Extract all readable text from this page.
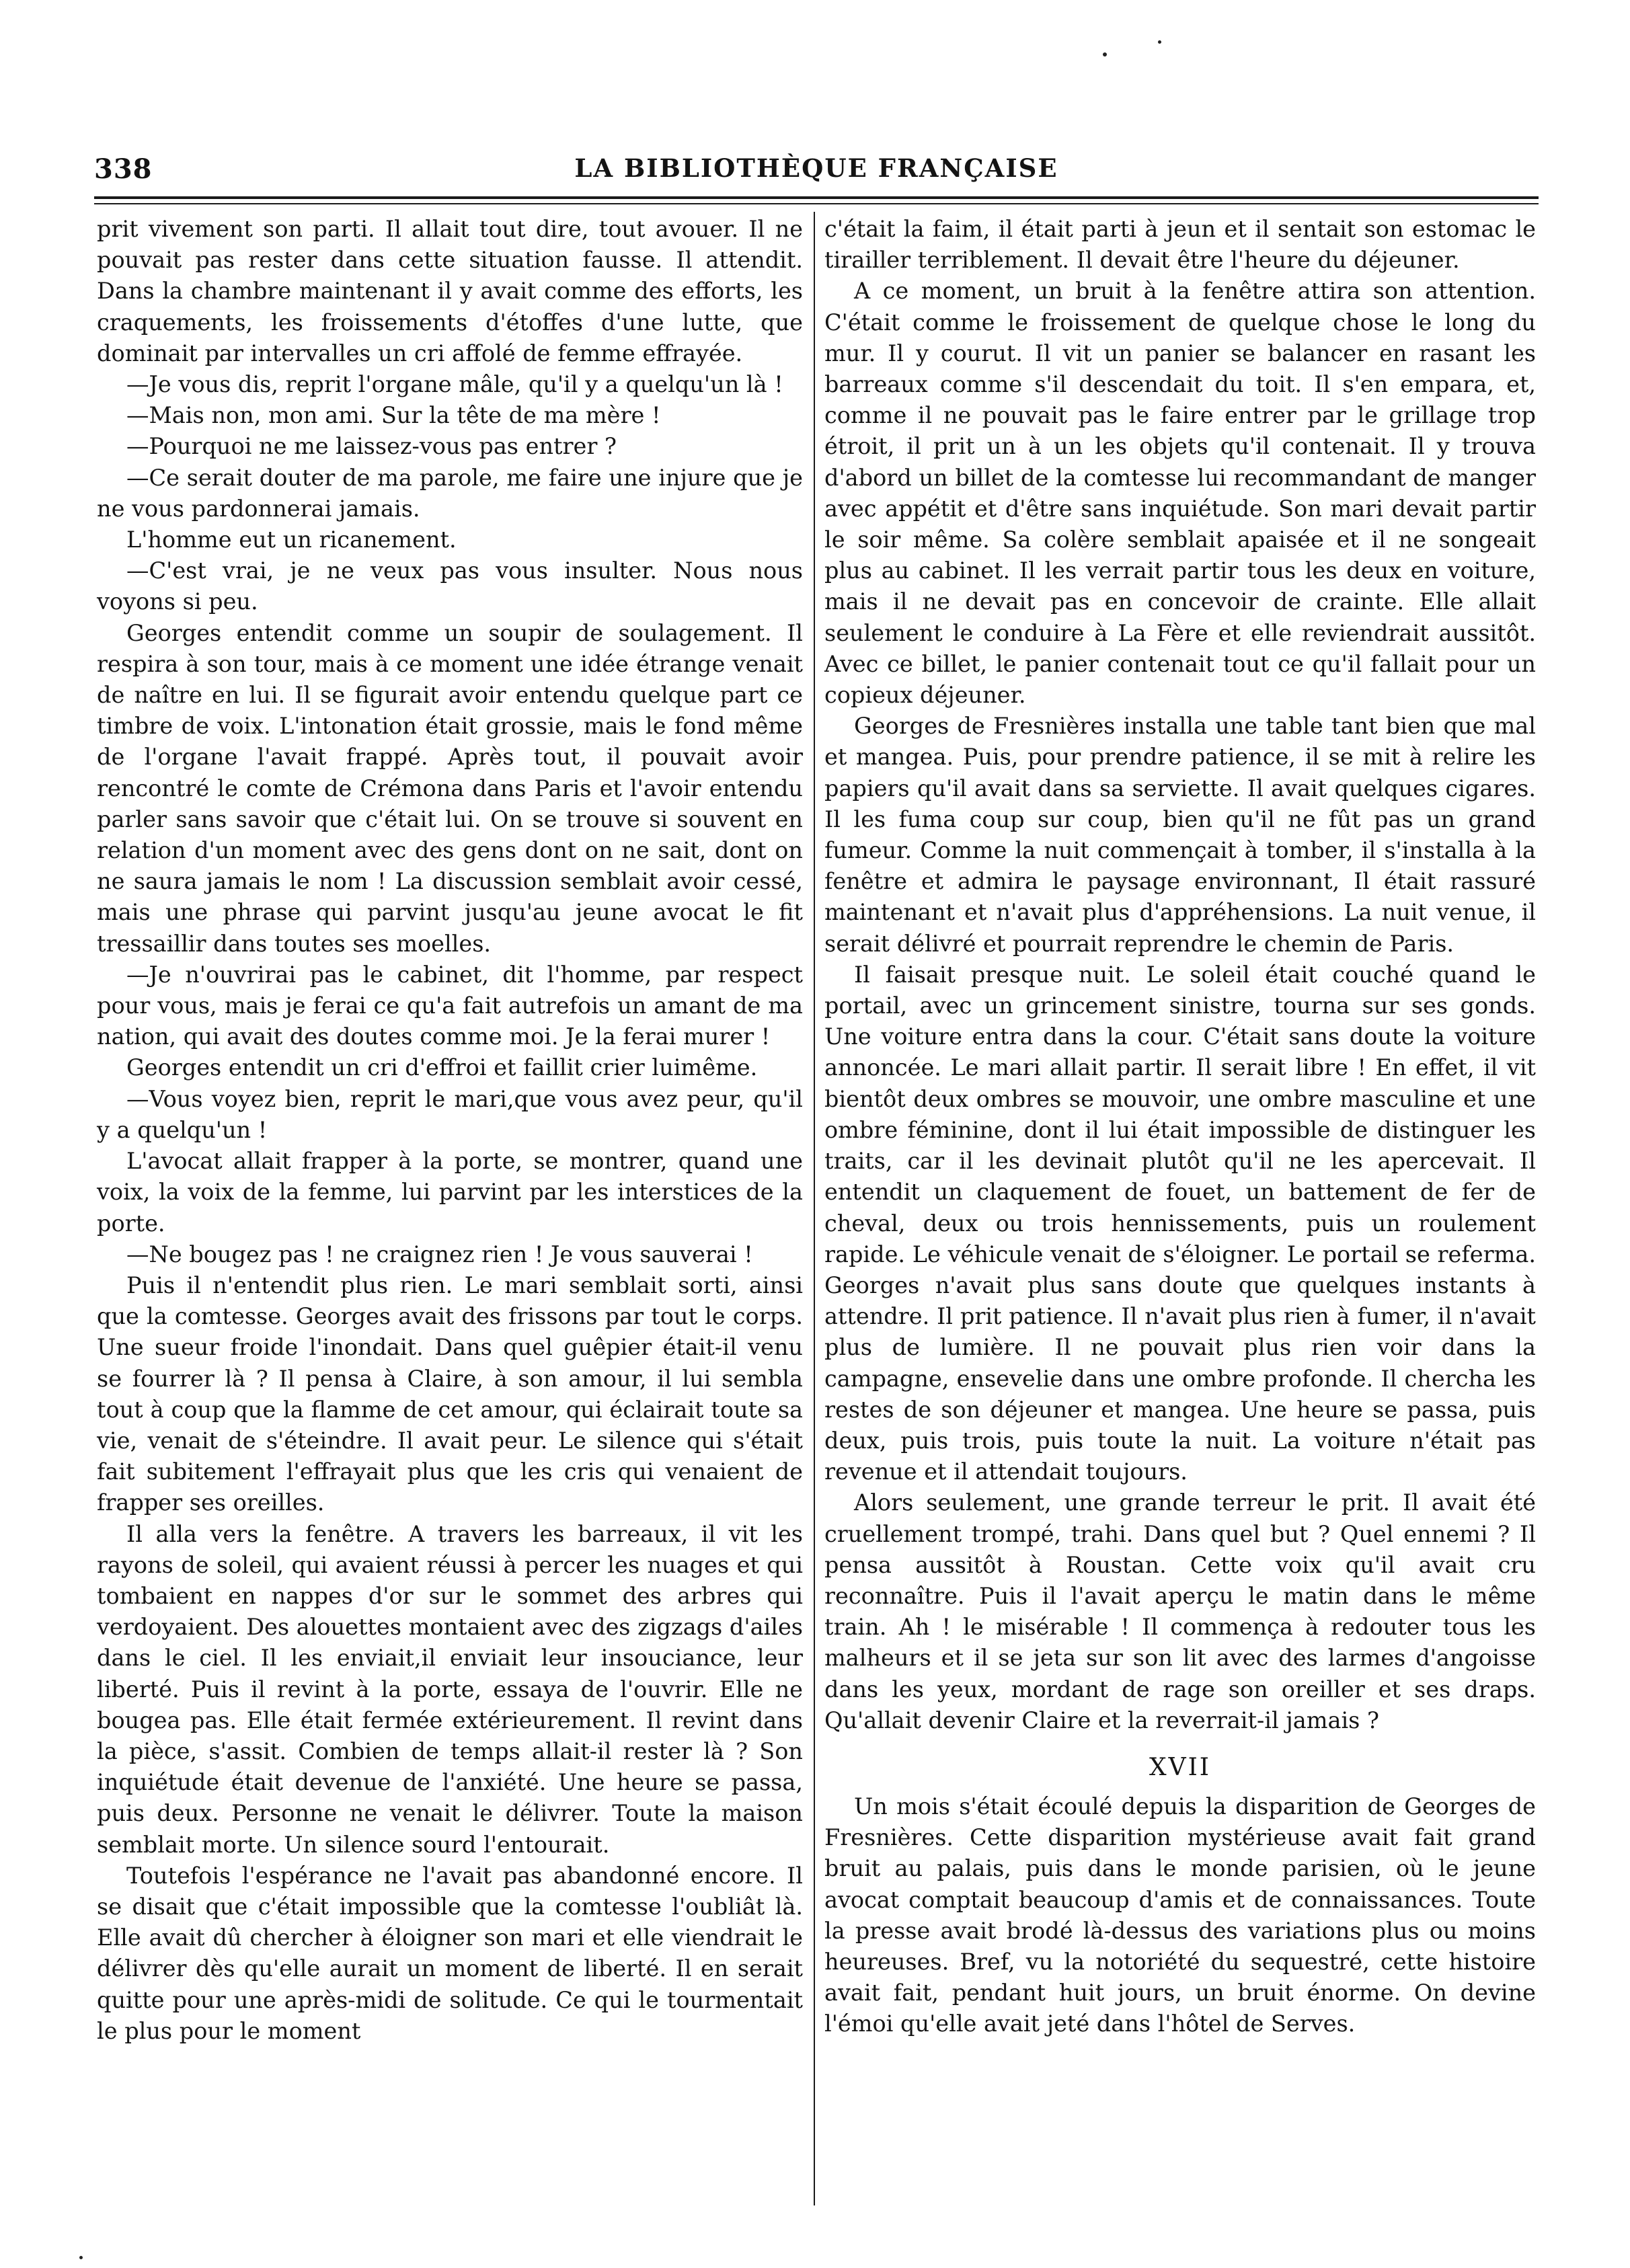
338	LA BIBLIOTHÈQUE FRANÇAISE

prit vivement son parti. Il allait tout dire, tout avouer. Il ne pouvait pas rester dans cette situation fausse. Il attendit. Dans la chambre maintenant il y avait comme des efforts, les craquements, les froissements d'étoffes d'une lutte, que dominait par intervalles un cri affolé de femme effrayée.

—Je vous dis, reprit l'organe mâle, qu'il y a quelqu'un là !

—Mais non, mon ami. Sur la tête de ma mère !

—Pourquoi ne me laissez-vous pas entrer ?

—Ce serait douter de ma parole, me faire une injure que je ne vous pardonnerai jamais.

L'homme eut un ricanement.

—C'est vrai, je ne veux pas vous insulter. Nous nous voyons si peu.

Georges entendit comme un soupir de soulagement. Il respira à son tour, mais à ce moment une idée étrange venait de naître en lui. Il se figurait avoir entendu quelque part ce timbre de voix. L'intonation était grossie, mais le fond même de l'organe l'avait frappé. Après tout, il pouvait avoir rencontré le comte de Crémona dans Paris et l'avoir entendu parler sans savoir que c'était lui. On se trouve si souvent en relation d'un moment avec des gens dont on ne sait, dont on ne saura jamais le nom ! La discussion semblait avoir cessé, mais une phrase qui parvint jusqu'au jeune avocat le fit tressaillir dans toutes ses moelles.

—Je n'ouvrirai pas le cabinet, dit l'homme, par respect pour vous, mais je ferai ce qu'a fait autrefois un amant de ma nation, qui avait des doutes comme moi. Je la ferai murer !

Georges entendit un cri d'effroi et faillit crier luimême.

—Vous voyez bien, reprit le mari,que vous avez peur, qu'il y a quelqu'un !

L'avocat allait frapper à la porte, se montrer, quand une voix, la voix de la femme, lui parvint par les interstices de la porte.

—Ne bougez pas ! ne craignez rien ! Je vous sauverai !

Puis il n'entendit plus rien. Le mari semblait sorti, ainsi que la comtesse. Georges avait des frissons par tout le corps. Une sueur froide l'inondait. Dans quel guêpier était-il venu se fourrer là ? Il pensa à Claire, à son amour, il lui sembla tout à coup que la flamme de cet amour, qui éclairait toute sa vie, venait de s'éteindre. Il avait peur. Le silence qui s'était fait subitement l'effrayait plus que les cris qui venaient de frapper ses oreilles.

Il alla vers la fenêtre. A travers les barreaux, il vit les rayons de soleil, qui avaient réussi à percer les nuages et qui tombaient en nappes d'or sur le sommet des arbres qui verdoyaient. Des alouettes montaient avec des zigzags d'ailes dans le ciel. Il les enviait,il enviait leur insouciance, leur liberté. Puis il revint à la porte, essaya de l'ouvrir. Elle ne bougea pas. Elle était fermée extérieurement. Il revint dans la pièce, s'assit. Combien de temps allait-il rester là ? Son inquiétude était devenue de l'anxiété. Une heure se passa, puis deux. Personne ne venait le délivrer. Toute la maison semblait morte. Un silence sourd l'entourait.

Toutefois l'espérance ne l'avait pas abandonné encore. Il se disait que c'était impossible que la comtesse l'oubliât là. Elle avait dû chercher à éloigner son mari et elle viendrait le délivrer dès qu'elle aurait un moment de liberté. Il en serait quitte pour une après-midi de solitude. Ce qui le tourmentait le plus pour le moment

c'était la faim, il était parti à jeun et il sentait son estomac le tirailler terriblement. Il devait être l'heure du déjeuner.

A ce moment, un bruit à la fenêtre attira son attention. C'était comme le froissement de quelque chose le long du mur. Il y courut. Il vit un panier se balancer en rasant les barreaux comme s'il descendait du toit. Il s'en empara, et, comme il ne pouvait pas le faire entrer par le grillage trop étroit, il prit un à un les objets qu'il contenait. Il y trouva d'abord un billet de la comtesse lui recommandant de manger avec appétit et d'être sans inquiétude. Son mari devait partir le soir même. Sa colère semblait apaisée et il ne songeait plus au cabinet. Il les verrait partir tous les deux en voiture, mais il ne devait pas en concevoir de crainte. Elle allait seulement le conduire à La Fère et elle reviendrait aussitôt. Avec ce billet, le panier contenait tout ce qu'il fallait pour un copieux déjeuner.

Georges de Fresnières installa une table tant bien que mal et mangea. Puis, pour prendre patience, il se mit à relire les papiers qu'il avait dans sa serviette. Il avait quelques cigares. Il les fuma coup sur coup, bien qu'il ne fût pas un grand fumeur. Comme la nuit commençait à tomber, il s'installa à la fenêtre et admira le paysage environnant, Il était rassuré maintenant et n'avait plus d'appréhensions. La nuit venue, il serait délivré et pourrait reprendre le chemin de Paris.

Il faisait presque nuit. Le soleil était couché quand le portail, avec un grincement sinistre, tourna sur ses gonds. Une voiture entra dans la cour. C'était sans doute la voiture annoncée. Le mari allait partir. Il serait libre ! En effet, il vit bientôt deux ombres se mouvoir, une ombre masculine et une ombre féminine, dont il lui était impossible de distinguer les traits, car il les devinait plutôt qu'il ne les apercevait. Il entendit un claquement de fouet, un battement de fer de cheval, deux ou trois hennissements, puis un roulement rapide. Le véhicule venait de s'éloigner. Le portail se referma. Georges n'avait plus sans doute que quelques instants à attendre. Il prit patience. Il n'avait plus rien à fumer, il n'avait plus de lumière. Il ne pouvait plus rien voir dans la campagne, ensevelie dans une ombre profonde. Il chercha les restes de son déjeuner et mangea. Une heure se passa, puis deux, puis trois, puis toute la nuit. La voiture n'était pas revenue et il attendait toujours.

Alors seulement, une grande terreur le prit. Il avait été cruellement trompé, trahi. Dans quel but ? Quel ennemi ? Il pensa aussitôt à Roustan. Cette voix qu'il avait cru reconnaître. Puis il l'avait aperçu le matin dans le même train. Ah ! le misérable ! Il commença à redouter tous les malheurs et il se jeta sur son lit avec des larmes d'angoisse dans les yeux, mordant de rage son oreiller et ses draps. Qu'allait devenir Claire et la reverrait-il jamais ?

XVII

Un mois s'était écoulé depuis la disparition de Georges de Fresnières. Cette disparition mystérieuse avait fait grand bruit au palais, puis dans le monde parisien, où le jeune avocat comptait beaucoup d'amis et de connaissances. Toute la presse avait brodé là-dessus des variations plus ou moins heureuses. Bref, vu la notoriété du sequestré, cette histoire avait fait, pendant huit jours, un bruit énorme. On devine l'émoi qu'elle avait jeté dans l'hôtel de Serves.
